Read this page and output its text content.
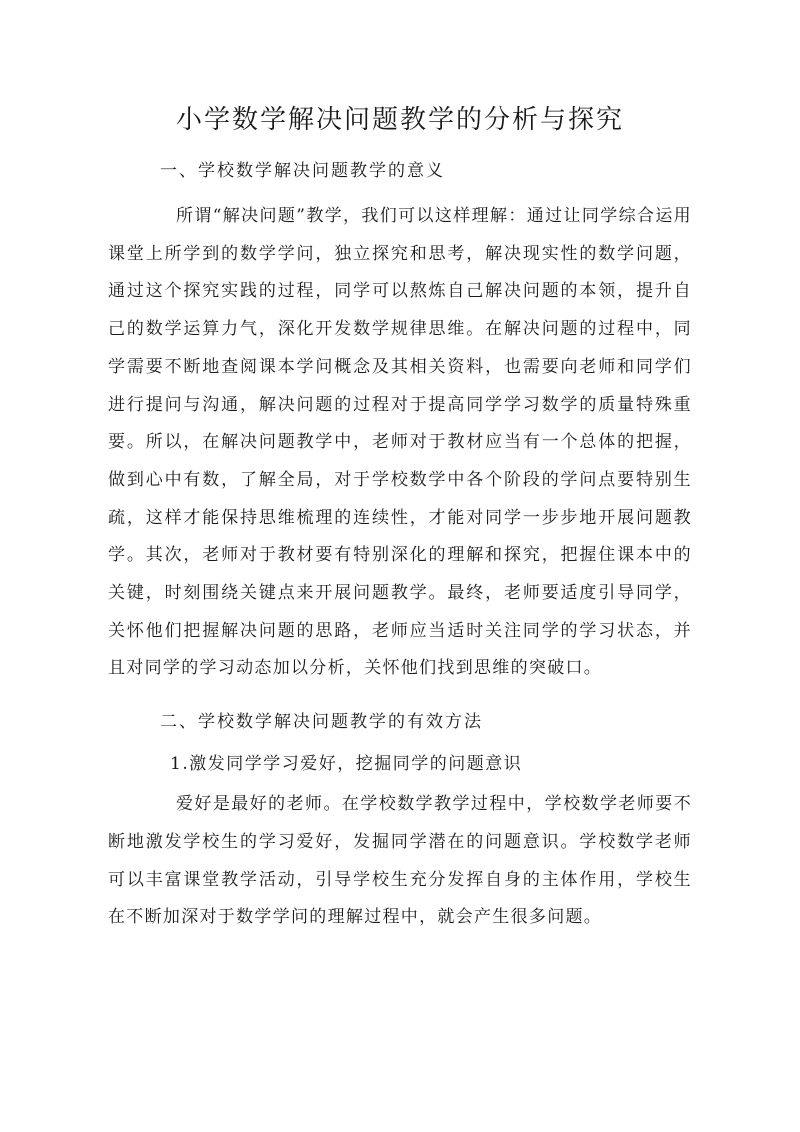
小学数学解决问题教学的分析与探究
一、学校数学解决问题教学的意义

所谓“解决问题”教学，我们可以这样理解：通过让同学综合运用课堂上所学到的数学学问，独立探究和思考，解决现实性的数学问题，通过这个探究实践的过程，同学可以熬炼自己解决问题的本领，提升自己的数学运算力气，深化开发数学规律思维。在解决问题的过程中，同学需要不断地查阅课本学问概念及其相关资料，也需要向老师和同学们进行提问与沟通，解决问题的过程对于提高同学学习数学的质量特殊重要。所以，在解决问题教学中，老师对于教材应当有一个总体的把握，做到心中有数，了解全局，对于学校数学中各个阶段的学问点要特别生疏，这样才能保持思维梳理的连续性，才能对同学一步步地开展问题教学。其次，老师对于教材要有特别深化的理解和探究，把握住课本中的关键，时刻围绕关键点来开展问题教学。最终，老师要适度引导同学，关怀他们把握解决问题的思路，老师应当适时关注同学的学习状态，并且对同学的学习动态加以分析，关怀他们找到思维的突破口。

二、学校数学解决问题教学的有效方法
1.激发同学学习爱好，挖掘同学的问题意识

爱好是最好的老师。在学校数学教学过程中，学校数学老师要不断地激发学校生的学习爱好，发掘同学潜在的问题意识。学校数学老师可以丰富课堂教学活动，引导学校生充分发挥自身的主体作用，学校生在不断加深对于数学学问的理解过程中，就会产生很多问题。
